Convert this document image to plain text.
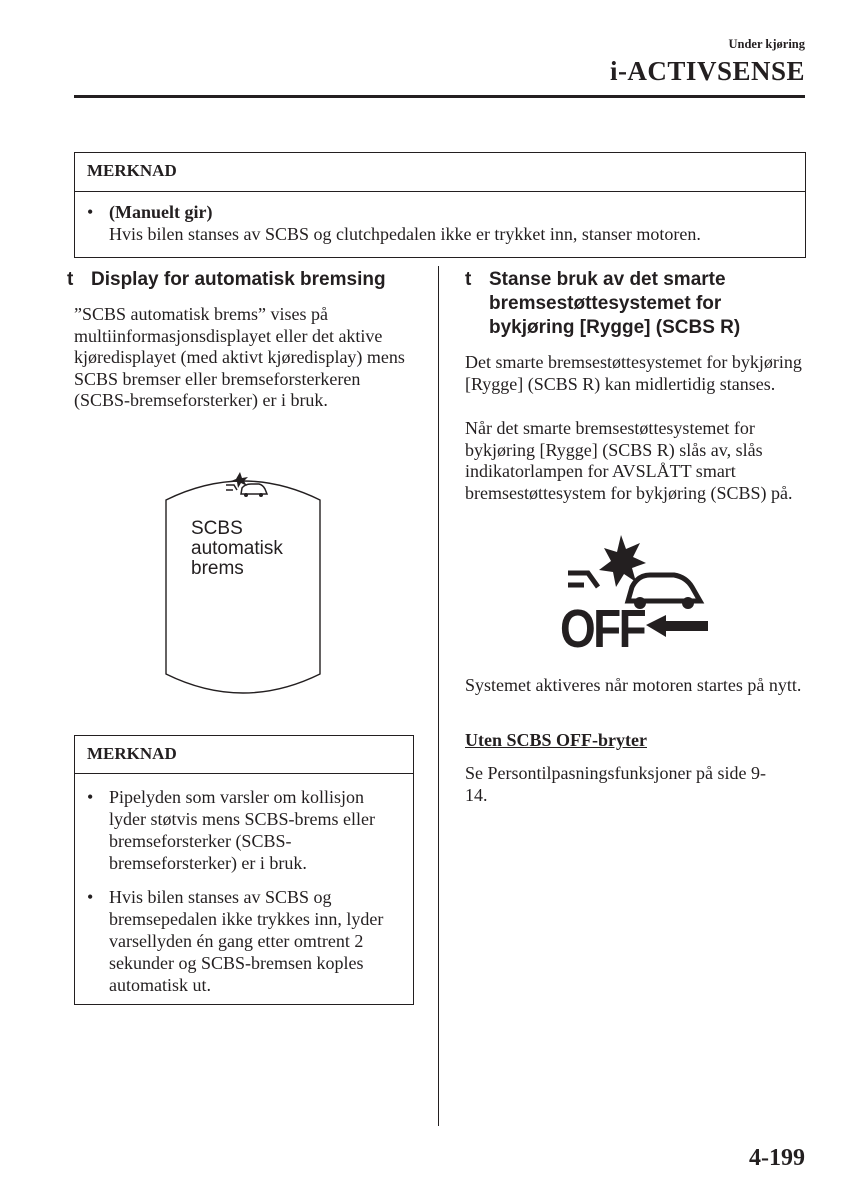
Under kjøring
i-ACTIVSENSE
MERKNAD
• (Manuelt gir)
Hvis bilen stanses av SCBS og clutchpedalen ikke er trykket inn, stanser motoren.
t Display for automatisk bremsing
”SCBS automatisk brems” vises på multiinformasjonsdisplayet eller det aktive kjøredisplayet (med aktivt kjøredisplay) mens SCBS bremser eller bremseforsterkeren (SCBS-bremseforsterker) er i bruk.
SCBS
automatisk
brems
MERKNAD
• Pipelyden som varsler om kollisjon lyder støtvis mens SCBS-brems eller bremseforsterker (SCBS-bremseforsterker) er i bruk.
• Hvis bilen stanses av SCBS og bremsepedalen ikke trykkes inn, lyder varsellyden én gang etter omtrent 2 sekunder og SCBS-bremsen koples automatisk ut.
t Stanse bruk av det smarte bremsestøttesystemet for bykjøring [Rygge] (SCBS R)
Det smarte bremsestøttesystemet for bykjøring [Rygge] (SCBS R) kan midlertidig stanses.
Når det smarte bremsestøttesystemet for bykjøring [Rygge] (SCBS R) slås av, slås indikatorlampen for AVSLÅTT smart bremsestøttesystem for bykjøring (SCBS) på.
OFF
Systemet aktiveres når motoren startes på nytt.
Uten SCBS OFF-bryter
Se Persontilpasningsfunksjoner på side 9-14.
4-199
